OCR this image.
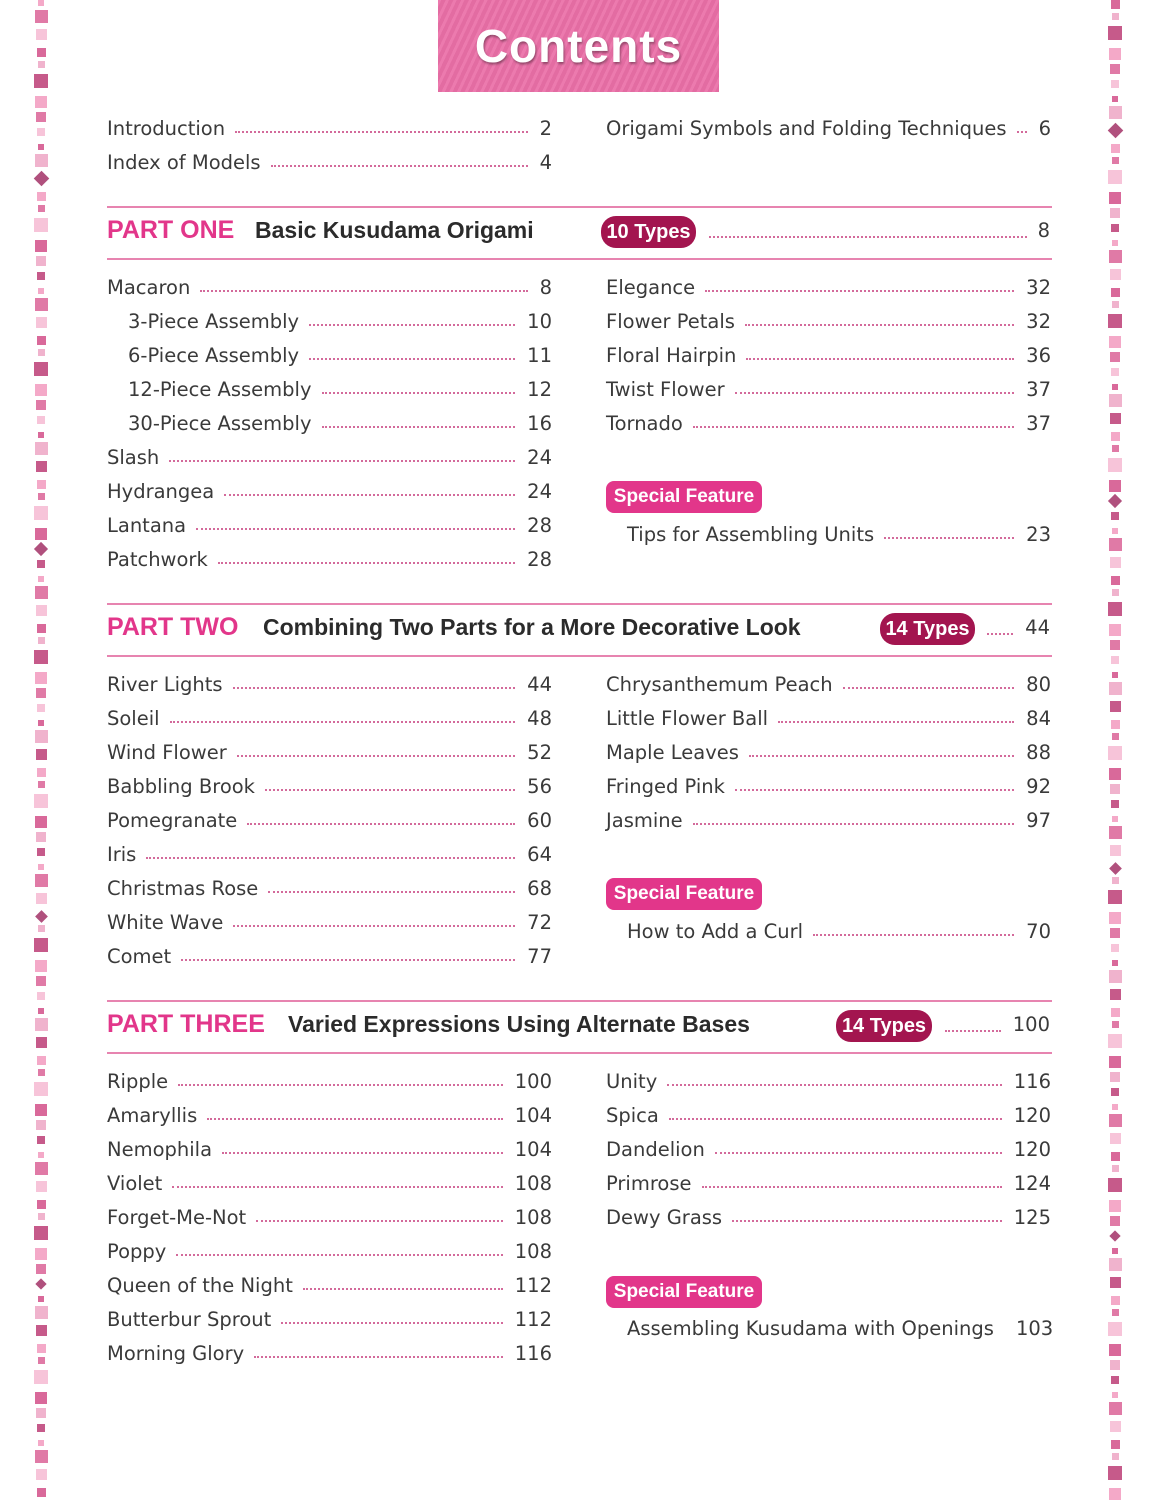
Contents
Introduction	2
Index of Models	4
Origami Symbols and Folding Techniques 6
PART ONE Basic Kusudama Origami	10 Types	8
Macaron	8
3-Piece Assembly	10
6-Piece Assembly	11
12-Piece Assembly	12
30-Piece Assembly	16
Slash	24
Hydrangea	24
Lantana	28
Patchwork	28
Elegance	32
Flower Petals	32
Floral Hairpin	36
Twist Flower	37
Tornado	37
Special Feature
Tips for Assembling Units	23
PART TWO Combining Two Parts for a More Decorative Look	14 Types	44
River Lights	44
Soleil	48
Wind Flower	52
Babbling Brook	56
Pomegranate	60
Iris	64
Christmas Rose	68
White Wave	72
Comet	77
Chrysanthemum Peach	80
Little Flower Ball	84
Maple Leaves	88
Fringed Pink	92
Jasmine	97
Special Feature
How to Add a Curl	70
PART THREE Varied Expressions Using Alternate Bases	14 Types	100
Ripple	100
Amaryllis	104
Nemophila	104
Violet	108
Forget-Me-Not	108
Poppy	108
Queen of the Night	112
Butterbur Sprout	112
Morning Glory	116
Unity	116
Spica	120
Dandelion	120
Primrose	124
Dewy Grass	125
Special Feature
Assembling Kusudama with Openings 103
